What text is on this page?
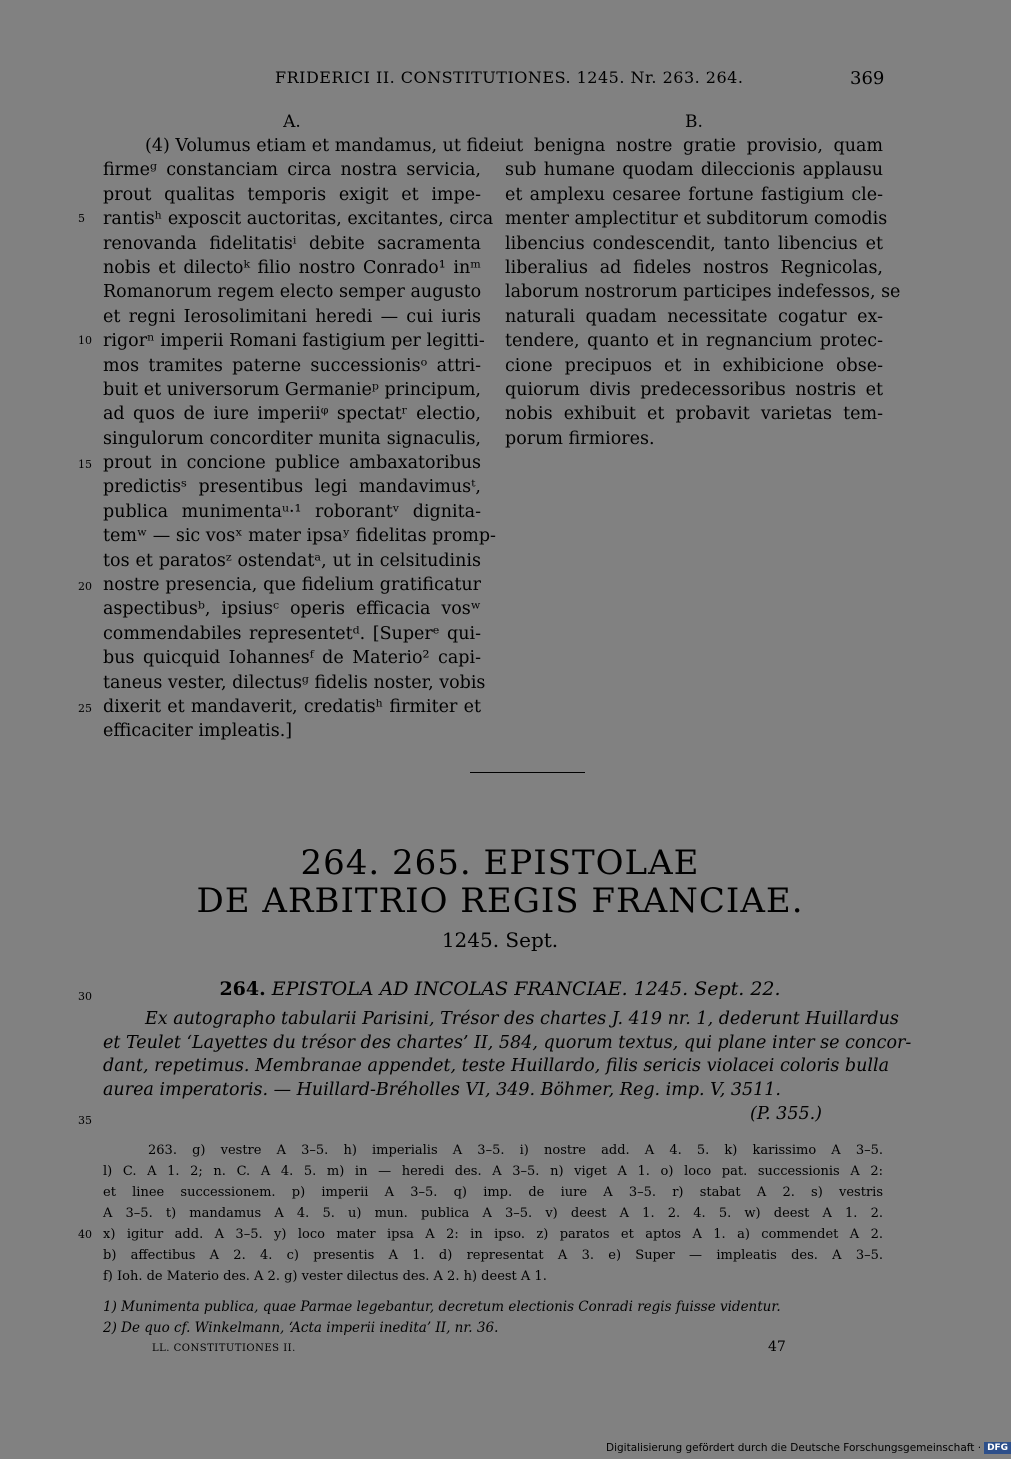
FRIDERICI II. CONSTITUTIONES. 1245. Nr. 263. 264.	369
A.
(4) Volumus etiam et mandamus, ut fidei
firmeᵍ constanciam circa nostra servicia,
prout qualitas temporis exigit et impe-
rantisʰ exposcit auctoritas, excitantes, circa
renovanda fidelitatisⁱ debite sacramenta
nobis et dilectoᵏ filio nostro Conrado¹ inᵐ
Romanorum regem electo semper augusto
et regni Ierosolimitani heredi — cui iuris
rigorⁿ imperii Romani fastigium per legitti-
mos tramites paterne successionisᵒ attri-
buit et universorum Germanieᵖ principum,
ad quos de iure imperiiᵠ spectatʳ electio,
singulorum concorditer munita signaculis,
prout in concione publice ambaxatoribus
predictisˢ presentibus legi mandavimusᵗ,
publica munimentaᵘ·¹ roborantᵛ dignita-
temʷ — sic vosˣ mater ipsaʸ fidelitas promp-
tos et paratosᶻ ostendatᵃ, ut in celsitudinis
nostre presencia, que fidelium gratificatur
aspectibusᵇ, ipsiusᶜ operis efficacia vosʷ
commendabiles representetᵈ. [Superᵉ qui-
bus quicquid Iohannesᶠ de Materio² capi-
taneus vester, dilectusᵍ fidelis noster, vobis
dixerit et mandaverit, credatisʰ firmiter et
efficaciter impleatis.]
B.
ut benigna nostre gratie provisio, quam
sub humane quodam dileccionis applausu
et amplexu cesaree fortune fastigium cle-
menter amplectitur et subditorum comodis
libencius condescendit, tanto libencius et
liberalius ad fideles nostros Regnicolas,
laborum nostrorum participes indefessos, se
naturali quadam necessitate cogatur ex-
tendere, quanto et in regnancium protec-
cione precipuos et in exhibicione obse-
quiorum divis predecessoribus nostris et
nobis exhibuit et probavit varietas tem-
porum firmiores.
5
10
15
20
25
264. 265. EPISTOLAE
DE ARBITRIO REGIS FRANCIAE.
1245. Sept.
264. EPISTOLA AD INCOLAS FRANCIAE. 1245. Sept. 22.
30
Ex autographo tabularii Parisini, Trésor des chartes J. 419 nr. 1, dederunt Huillardus
et Teulet ‘Layettes du trésor des chartes’ II, 584, quorum textus, qui plane inter se concor-
dant, repetimus. Membranae appendet, teste Huillardo, filis sericis violacei coloris bulla
aurea imperatoris. — Huillard-Bréholles VI, 349. Böhmer, Reg. imp. V, 3511.
35	(P. 355.)
263. g) vestre A 3–5. h) imperialis A 3–5. i) nostre add. A 4. 5. k) karissimo A 3–5.
l) C. A 1. 2; n. C. A 4. 5. m) in — heredi des. A 3–5. n) viget A 1. o) loco pat. successionis A 2:
et linee successionem. p) imperii A 3–5. q) imp. de iure A 3–5. r) stabat A 2. s) vestris
A 3–5. t) mandamus A 4. 5. u) mun. publica A 3–5. v) deest A 1. 2. 4. 5. w) deest A 1. 2.
x) igitur add. A 3–5. y) loco mater ipsa A 2: in ipso. z) paratos et aptos A 1. a) commendet A 2.
b) affectibus A 2. 4. c) presentis A 1. d) representat A 3. e) Super — impleatis des. A 3–5.
f) Ioh. de Materio des. A 2. g) vester dilectus des. A 2. h) deest A 1.
40
1) Munimenta publica, quae Parmae legebantur, decretum electionis Conradi regis fuisse videntur.
2) De quo cf. Winkelmann, ‘Acta imperii inedita’ II, nr. 36.
LL. CONSTITUTIONES II.	47
Digitalisierung gefördert durch die Deutsche Forschungsgemeinschaft · DFG
